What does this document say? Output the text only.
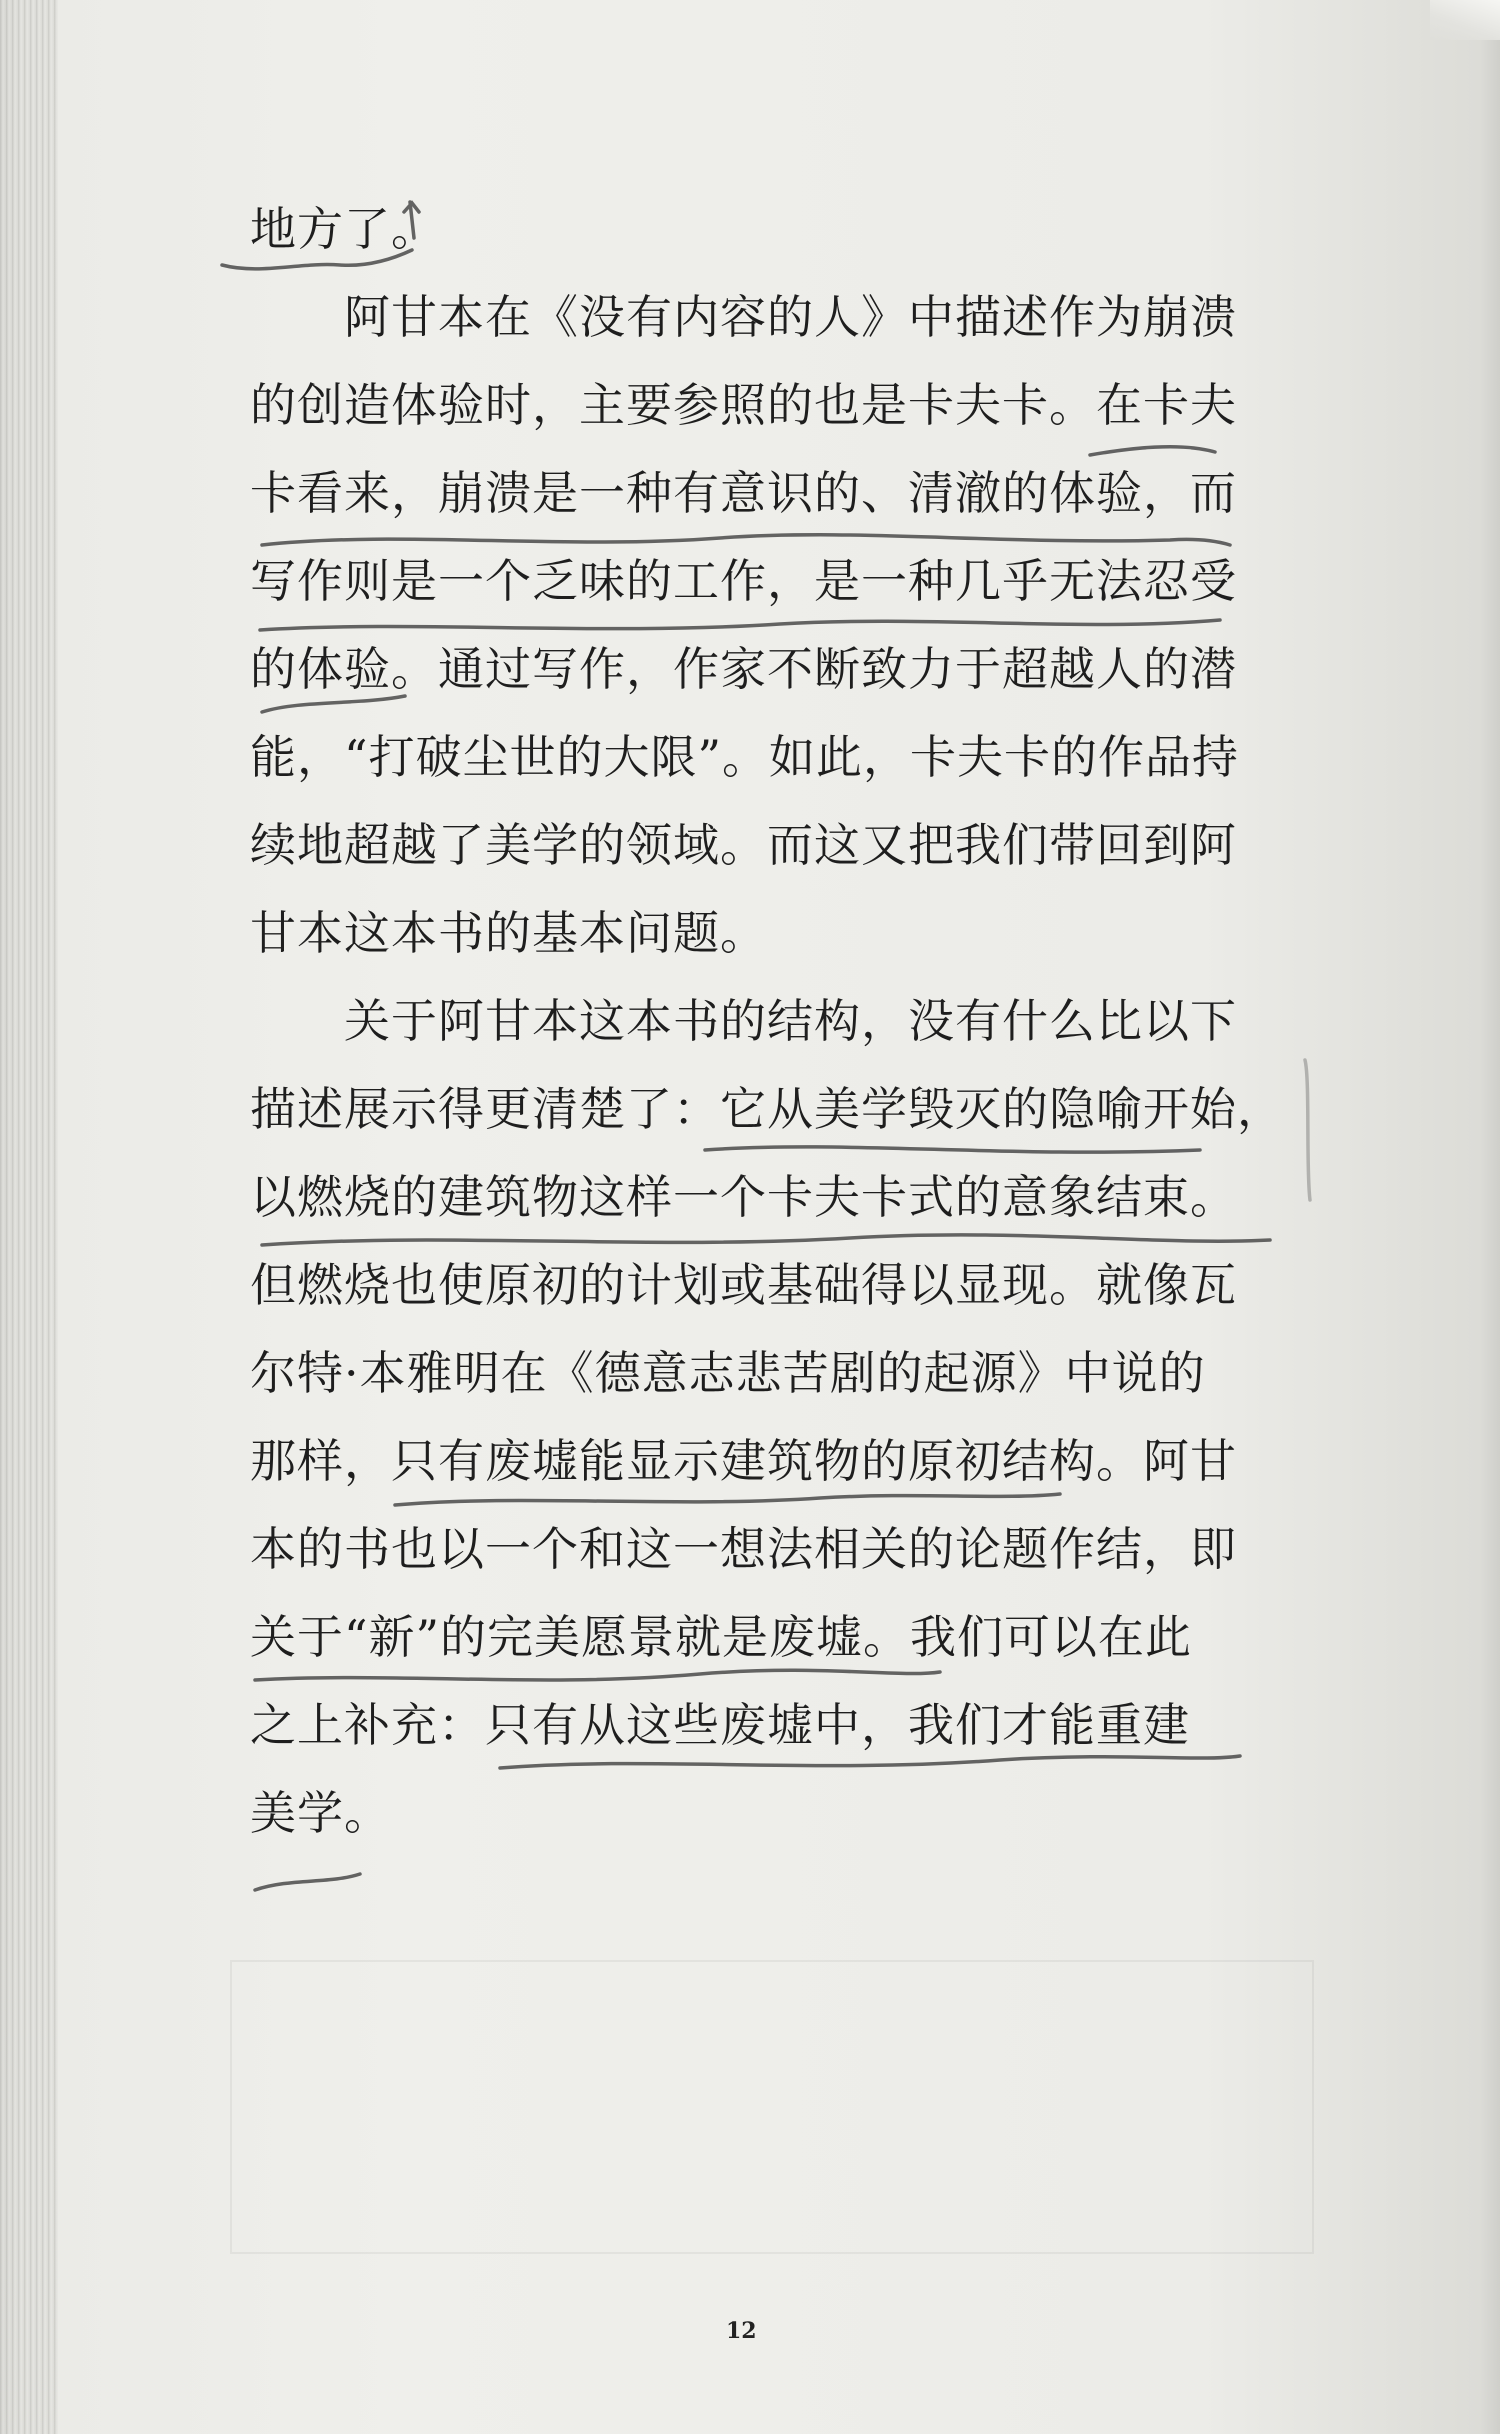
地方了。
阿甘本在《没有内容的人》中描述作为崩溃
的创造体验时，主要参照的也是卡夫卡。在卡夫
卡看来，崩溃是一种有意识的、清澈的体验，而
写作则是一个乏味的工作，是一种几乎无法忍受
的体验。通过写作，作家不断致力于超越人的潜
能，“打破尘世的大限”。如此，卡夫卡的作品持
续地超越了美学的领域。而这又把我们带回到阿
甘本这本书的基本问题。
关于阿甘本这本书的结构，没有什么比以下
描述展示得更清楚了：它从美学毁灭的隐喻开始，
以燃烧的建筑物这样一个卡夫卡式的意象结束。
但燃烧也使原初的计划或基础得以显现。就像瓦
尔特·本雅明在《德意志悲苦剧的起源》中说的
那样，只有废墟能显示建筑物的原初结构。阿甘
本的书也以一个和这一想法相关的论题作结，即
关于“新”的完美愿景就是废墟。我们可以在此
之上补充：只有从这些废墟中，我们才能重建
美学。
12
